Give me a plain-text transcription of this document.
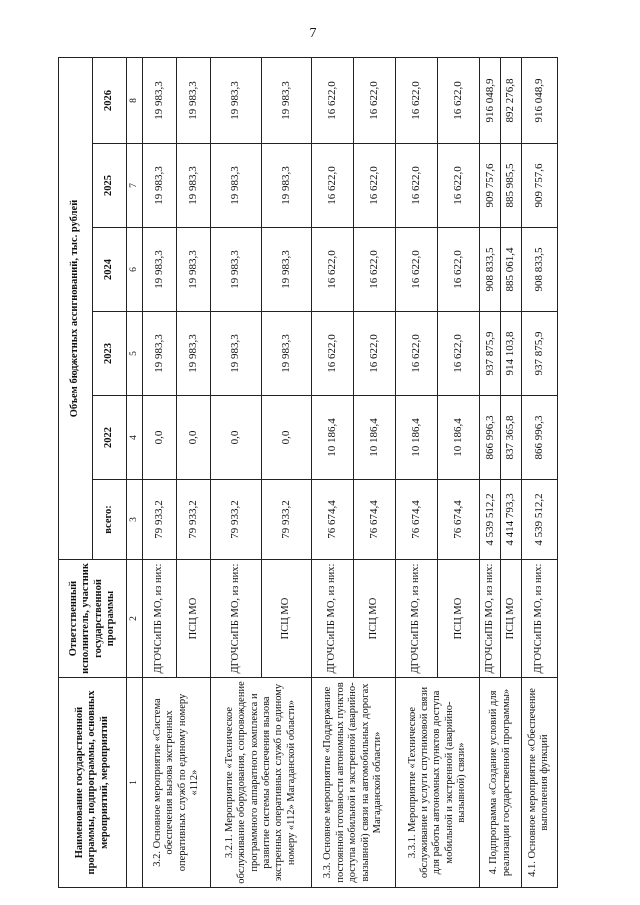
7
Наименование государственной программы, подпрограммы, основных мероприятий, мероприятий	Ответственный исполнитель, участник государственной программы	Объем бюджетных ассигнований, тыс. рублей					
		всего:	2022	2023	2024	2025	2026
1	2	3	4	5	6	7	8
3.2. Основное мероприятие «Система обеспечения вызова экстренных оперативных служб по единому номеру «112»	ДГОЧСиПБ МО, из них:	79 933,2	0,0	19 983,3	19 983,3	19 983,3	19 983,3
	ПСЦ МО	79 933,2	0,0	19 983,3	19 983,3	19 983,3	19 983,3
3.2.1. Мероприятие «Техническое обслуживание оборудования, сопровождение программного аппаратного комплекса и развитие системы обеспечения вызова экстренных оперативных служб по единому номеру «112» Магаданской области»	ДГОЧСиПБ МО, из них:	79 933,2	0,0	19 983,3	19 983,3	19 983,3	19 983,3
	ПСЦ МО	79 933,2	0,0	19 983,3	19 983,3	19 983,3	19 983,3
3.3. Основное мероприятие «Поддержание постоянной готовности автономных пунктов доступа мобильной и экстренной (аварийно-вызывной) связи на автомобильных дорогах Магаданской области»	ДГОЧСиПБ МО, из них:	76 674,4	10 186,4	16 622,0	16 622,0	16 622,0	16 622,0
	ПСЦ МО	76 674,4	10 186,4	16 622,0	16 622,0	16 622,0	16 622,0
3.3.1. Мероприятие «Техническое обслуживание и услуги спутниковой связи для работы автономных пунктов доступа мобильной и экстренной (аварийно-вызывной) связи»	ДГОЧСиПБ МО, из них:	76 674,4	10 186,4	16 622,0	16 622,0	16 622,0	16 622,0
	ПСЦ МО	76 674,4	10 186,4	16 622,0	16 622,0	16 622,0	16 622,0
4. Подпрограмма «Создание условий для реализации государственной программы»	ДГОЧСиПБ МО, из них:	4 539 512,2	866 996,3	937 875,9	908 833,5	909 757,6	916 048,9
	ПСЦ МО	4 414 793,3	837 365,8	914 103,8	885 061,4	885 985,5	892 276,8
4.1. Основное мероприятие «Обеспечение выполнения функций	ДГОЧСиПБ МО, из них:	4 539 512,2	866 996,3	937 875,9	908 833,5	909 757,6	916 048,9
